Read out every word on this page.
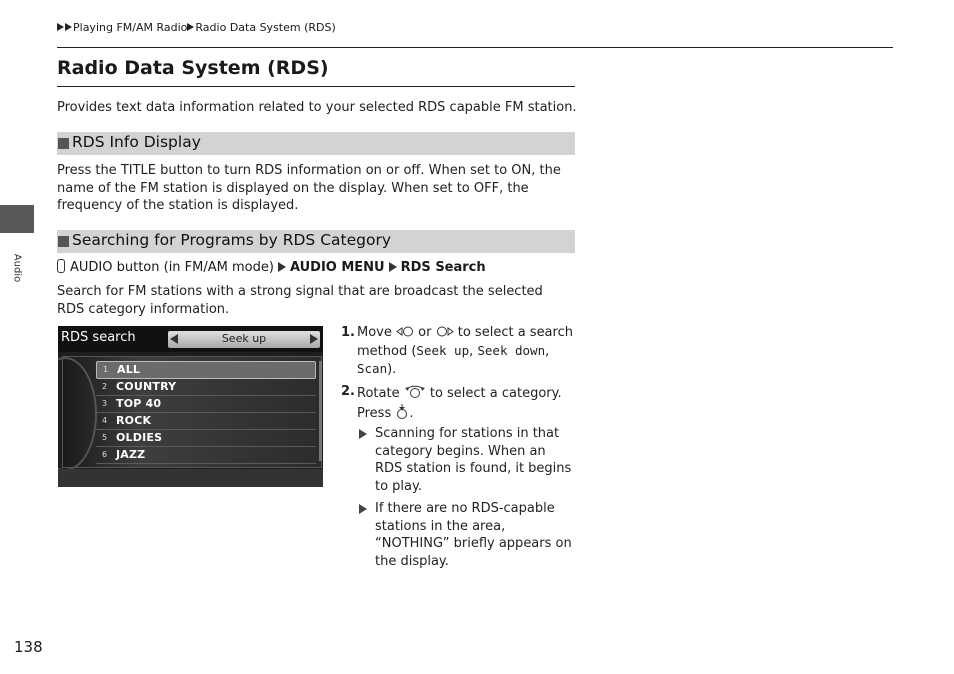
Playing FM/AM Radio Radio Data System (RDS)
Radio Data System (RDS)
Provides text data information related to your selected RDS capable FM station.
RDS Info Display
Press the TITLE button to turn RDS information on or off. When set to ON, the name of the FM station is displayed on the display. When set to OFF, the frequency of the station is displayed.
Searching for Programs by RDS Category
AUDIO button (in FM/AM mode) AUDIO MENU RDS Search
Search for FM stations with a strong signal that are broadcast the selected RDS category information.
RDS search	Seek up
1 ALL
2 COUNTRY
3 TOP 40
4 ROCK
5 OLDIES
6 JAZZ
1. Move or to select a search method (Seek up, Seek down, Scan).
2. Rotate to select a category.
Press .
Scanning for stations in that category begins. When an RDS station is found, it begins to play.
If there are no RDS-capable stations in the area, “NOTHING” briefly appears on the display.
Audio
138
